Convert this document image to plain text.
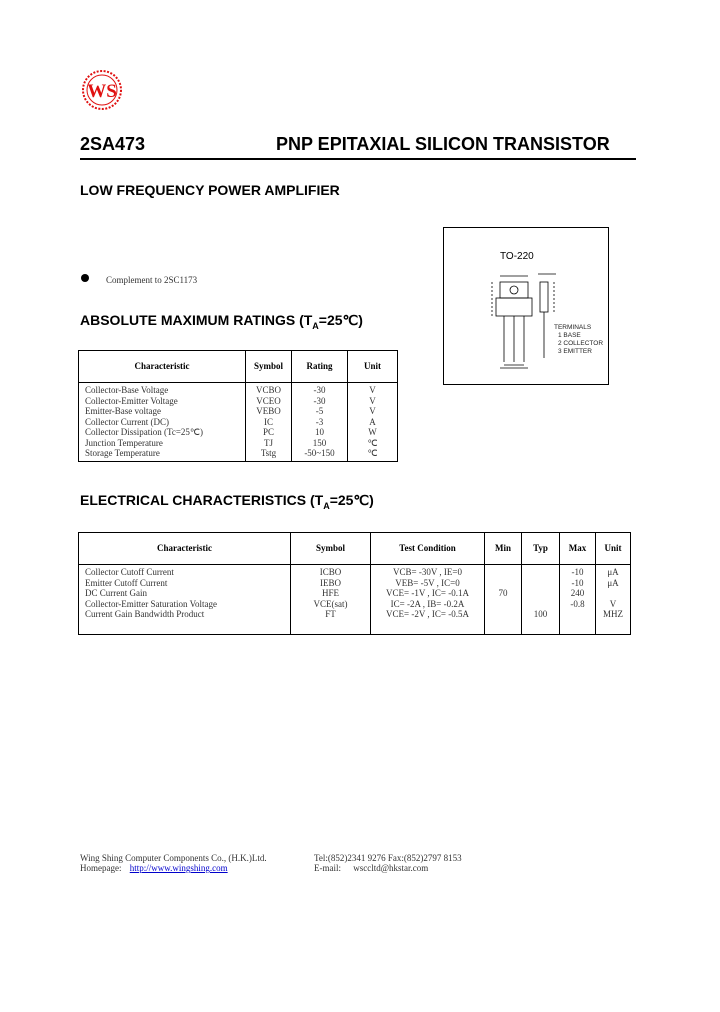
WS
2SA473	PNP EPITAXIAL SILICON TRANSISTOR
LOW FREQUENCY POWER AMPLIFIER
TO-220
TERMINALS
1 BASE
2 COLLECTOR
3 EMITTER
Complement to 2SC1173
ABSOLUTE MAXIMUM RATINGS $(T_A=25℃)$
Characteristic	Symbol	Rating	Unit
Collector-Base Voltage	VCBO	-30	V
Collector-Emitter Voltage	VCEO	-30	V
Emitter-Base voltage	VEBO	-5	V
Collector Current (DC)	IC	-3	A
Collector Dissipation (Tc=25℃)	PC	10	W
Junction Temperature	TJ	150	℃
Storage Temperature	Tstg	-50~150	℃
ELECTRICAL CHARACTERISTICS $(T_A=25℃)$
Characteristic	Symbol	Test Condition	Min	Typ	Max	Unit
Collector Cutoff Current	ICBO	VCB= -30V , IE=0			-10	μA
Emitter Cutoff Current	IEBO	VEB= -5V , IC=0			-10	μA
DC Current Gain	HFE	VCE= -1V , IC= -0.1A	70		240	
Collector-Emitter Saturation Voltage	VCE(sat)	IC= -2A , IB= -0.2A			-0.8	V
Current Gain Bandwidth Product	FT	VCE= -2V , IC= -0.5A		100		MHZ
Wing Shing Computer Components Co., (H.K.)Ltd.	Tel:(852)2341 9276 Fax:(852)2797 8153
Homepage: http://www.wingshing.com	E-mail: wsccltd@hkstar.com
